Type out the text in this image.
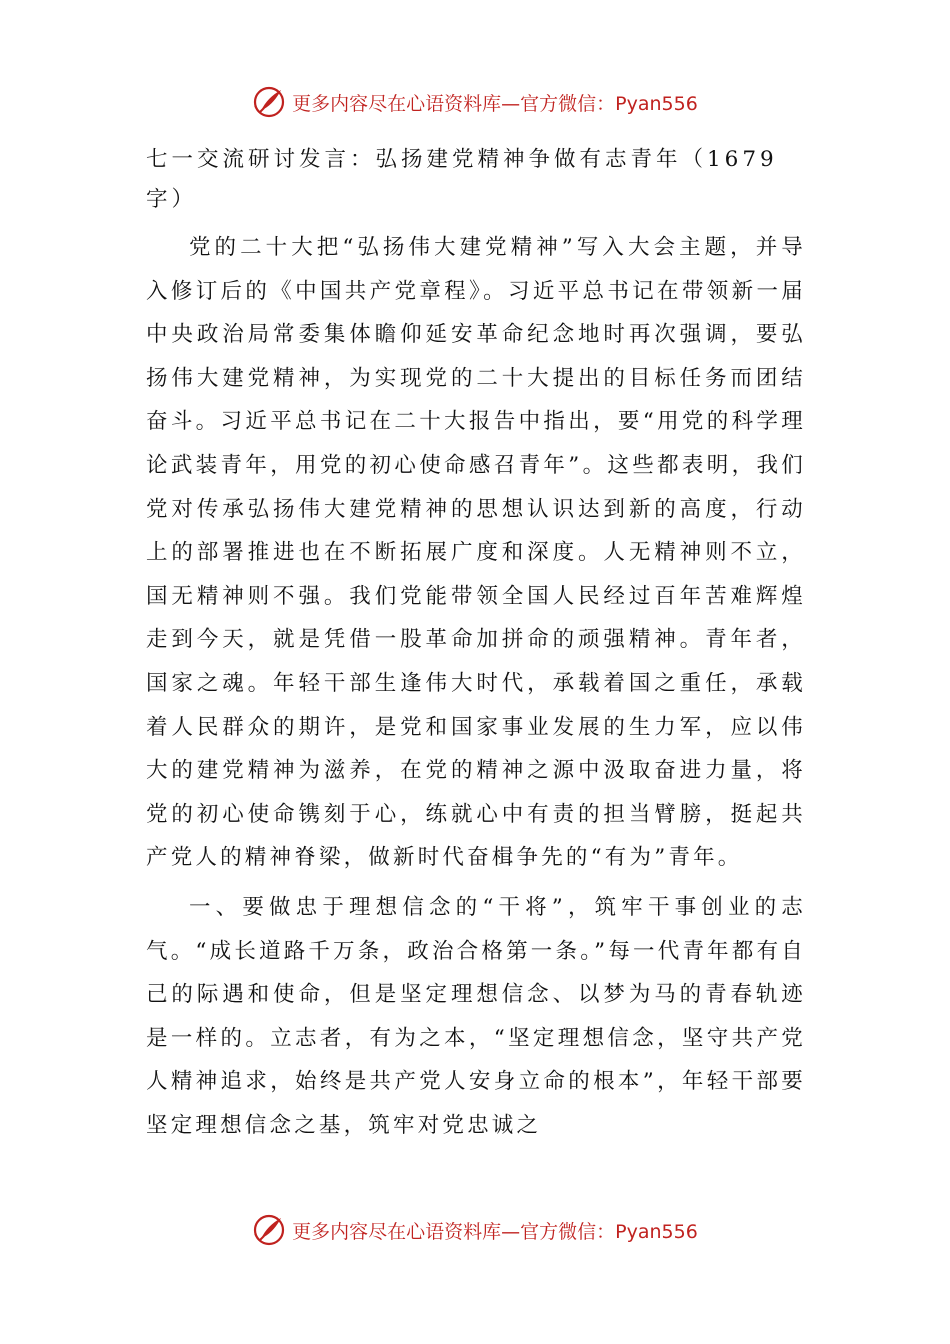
更多内容尽在心语资料库—官方微信：Pyan556
七一交流研讨发言：弘扬建党精神争做有志青年（1679字）

党的二十大把“弘扬伟大建党精神”写入大会主题，并导入修订后的《中国共产党章程》。习近平总书记在带领新一届中央政治局常委集体瞻仰延安革命纪念地时再次强调，要弘扬伟大建党精神，为实现党的二十大提出的目标任务而团结奋斗。习近平总书记在二十大报告中指出，要“用党的科学理论武装青年，用党的初心使命感召青年”。这些都表明，我们党对传承弘扬伟大建党精神的思想认识达到新的高度，行动上的部署推进也在不断拓展广度和深度。人无精神则不立，国无精神则不强。我们党能带领全国人民经过百年苦难辉煌走到今天，就是凭借一股革命加拼命的顽强精神。青年者，国家之魂。年轻干部生逢伟大时代，承载着国之重任，承载着人民群众的期许，是党和国家事业发展的生力军，应以伟大的建党精神为滋养，在党的精神之源中汲取奋进力量，将党的初心使命镌刻于心，练就心中有责的担当臂膀，挺起共产党人的精神脊梁，做新时代奋楫争先的“有为”青年。

一、要做忠于理想信念的“干将”，筑牢干事创业的志气。“成长道路千万条，政治合格第一条。”每一代青年都有自己的际遇和使命，但是坚定理想信念、以梦为马的青春轨迹是一样的。立志者，有为之本，“坚定理想信念，坚守共产党人精神追求，始终是共产党人安身立命的根本”，年轻干部要坚定理想信念之基，筑牢对党忠诚之

更多内容尽在心语资料库—官方微信：Pyan556
